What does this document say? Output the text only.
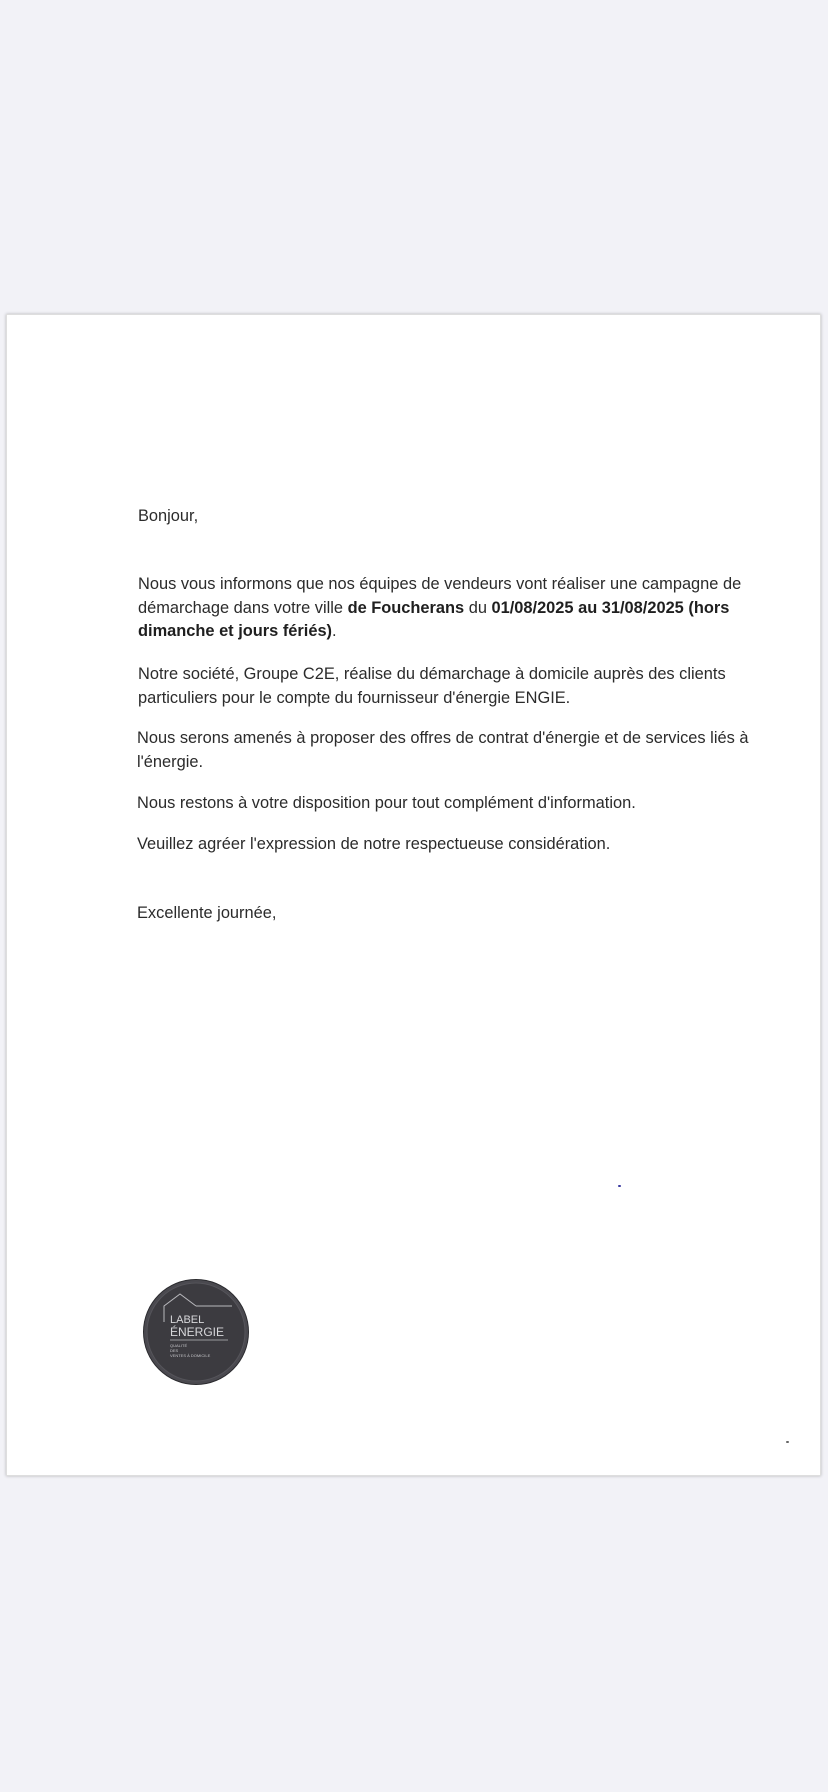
Bonjour,

Nous vous informons que nos équipes de vendeurs vont réaliser une campagne de démarchage dans votre ville de Foucherans du 01/08/2025 au 31/08/2025 (hors dimanche et jours fériés).

Notre société, Groupe C2E, réalise du démarchage à domicile auprès des clients particuliers pour le compte du fournisseur d'énergie ENGIE.

Nous serons amenés à proposer des offres de contrat d'énergie et de services liés à l'énergie.

Nous restons à votre disposition pour tout complément d'information.

Veuillez agréer l'expression de notre respectueuse considération.

Excellente journée,

LABEL
ÉNERGIE
QUALITÉ
DES
VENTES À DOMICILE
